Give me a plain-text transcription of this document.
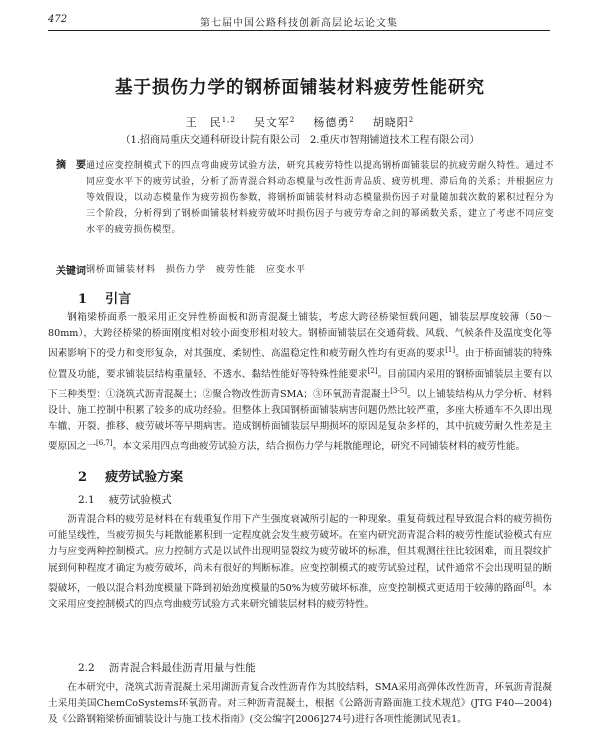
472	第七届中国公路科技创新高层论坛论文集
基于损伤力学的钢桥面铺装材料疲劳性能研究
王　民$^{1,2}$ 吴文军$^2$ 杨德勇$^2$ 胡晓阳$^2$
（1.招商局重庆交通科研设计院有限公司　2.重庆市智翔铺道技术工程有限公司）
摘　要 通过应变控制模式下的四点弯曲疲劳试验方法，研究其疲劳特性以提高钢桥面铺装层的抗疲劳耐久特性。通过不同应变水平下的疲劳试验，分析了沥青混合料动态模量与改性沥青品质、疲劳机理、滞后角的关系；并根据应力等效假设，以动态模量作为疲劳损伤参数，将钢桥面铺装材料动态模量损伤因子对量随加载次数的累积过程分为三个阶段，分析得到了钢桥面铺装材料疲劳破坏时损伤因子与疲劳寿命之间的幂函数关系，建立了考虑不同应变水平的疲劳损伤模型。
关键词 钢桥面铺装材料　损伤力学　疲劳性能　应变水平
1 引言
钢箱梁桥面系一般采用正交异性桥面板和沥青混凝土铺装，考虑大跨径桥梁恒载问题，铺装层厚度较薄（50～80mm），大跨径桥梁的桥面刚度相对较小面变形相对较大。钢桥面铺装层在交通荷载、风载、气候条件及温度变化等因素影响下的受力和变形复杂，对其强度、柔韧性、高温稳定性和疲劳耐久性均有更高的要求[1]。由于桥面铺装的特殊位置及功能，要求铺装层结构重量轻、不透水、黏结性能好等特殊性能要求[2]。目前国内采用的钢桥面铺装层主要有以下三种类型：①浇筑式沥青混凝土；②聚合物改性沥青SMA；③环氧沥青混凝土[3-5]。以上铺装结构从力学分析、材料设计、施工控制中积累了较多的成功经验。但整体上我国钢桥面铺装病害问题仍然比较严重，多座大桥通车不久即出现车辙、开裂、推移、疲劳破坏等早期病害。造成钢桥面铺装层早期损坏的原因是复杂多样的，其中抗疲劳耐久性差是主要原因之一[6,7]。本文采用四点弯曲疲劳试验方法，结合损伤力学与耗散能理论，研究不同铺装材料的疲劳性能。
2 疲劳试验方案
2.1 疲劳试验模式
沥青混合料的疲劳是材料在有载重复作用下产生强度衰减所引起的一种现象。重复荷载过程导致混合料的疲劳损伤可能呈线性，当疲劳损失与耗散能累积到一定程度就会发生疲劳破坏。在室内研究沥青混合料的疲劳性能试验模式有应力与应变两种控制模式。应力控制方式是以试件出现明显裂纹为疲劳破坏的标准，但其观测往往比较困难，而且裂纹扩展到何种程度才确定为疲劳破坏，尚未有很好的判断标准。应变控制模式的疲劳试验过程，试件通常不会出现明显的断裂破坏，一般以混合料劲度模量下降到初始劲度模量的50%为疲劳破坏标准，应变控制模式更适用于较薄的路面[8]。本文采用应变控制模式的四点弯曲疲劳试验方式来研究铺装层材料的疲劳特性。
2.2 沥青混合料最佳沥青用量与性能
在本研究中，浇筑式沥青混凝土采用湖沥青复合改性沥青作为其胶结料，SMA采用高弹体改性沥青，环氧沥青混凝土采用美国ChemCoSystems环氧沥青。对三种沥青混凝土，根据《公路沥青路面施工技术规范》(JTG F40—2004)及《公路钢箱梁桥面铺装设计与施工技术指南》(交公编字[2006]274号)进行各项性能测试见表1。
